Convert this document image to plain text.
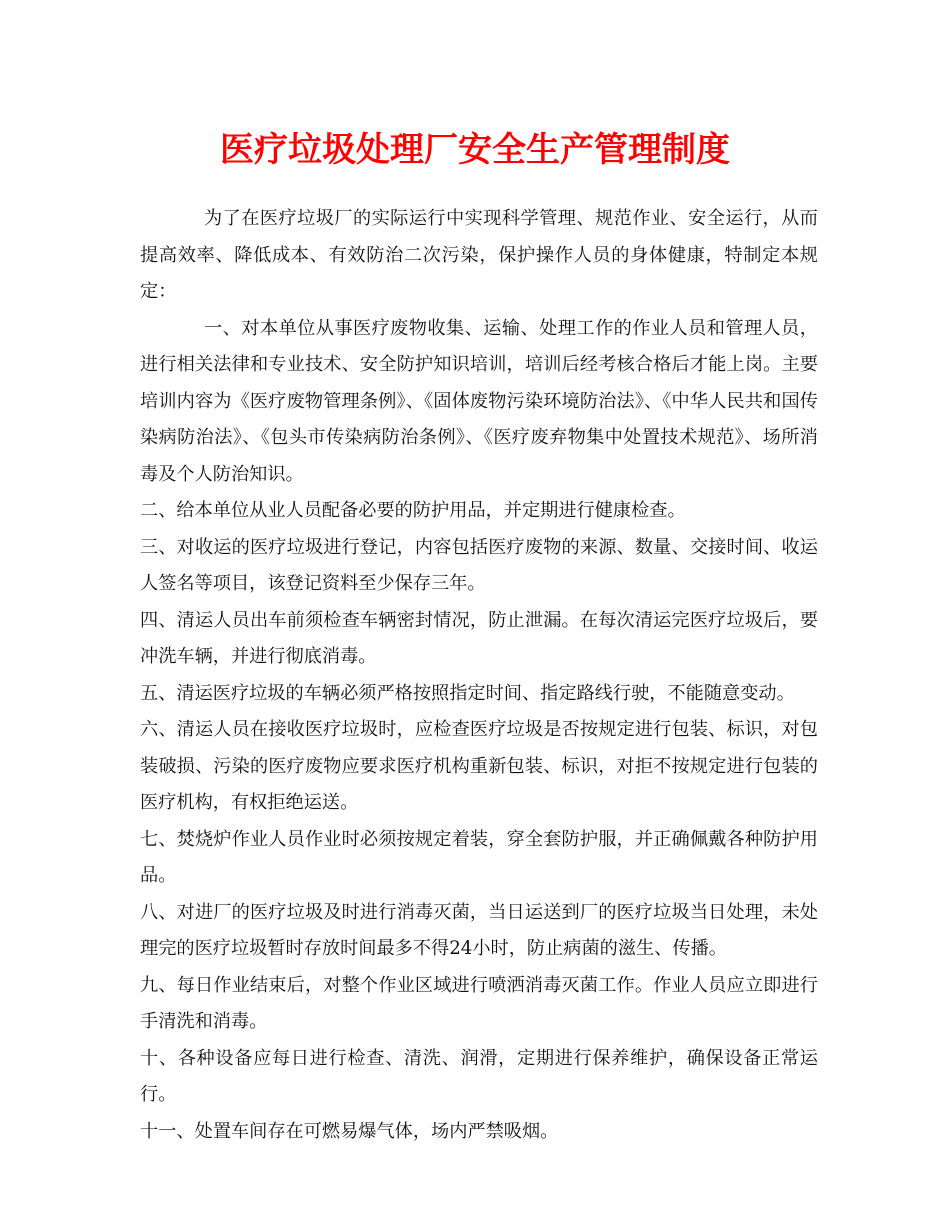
医疗垃圾处理厂安全生产管理制度

为了在医疗垃圾厂的实际运行中实现科学管理、规范作业、安全运行，从而提高效率、降低成本、有效防治二次污染，保护操作人员的身体健康，特制定本规定：

一、对本单位从事医疗废物收集、运输、处理工作的作业人员和管理人员，进行相关法律和专业技术、安全防护知识培训，培训后经考核合格后才能上岗。主要培训内容为《医疗废物管理条例》、《固体废物污染环境防治法》、《中华人民共和国传染病防治法》、《包头市传染病防治条例》、《医疗废弃物集中处置技术规范》、场所消毒及个人防治知识。

二、给本单位从业人员配备必要的防护用品，并定期进行健康检查。

三、对收运的医疗垃圾进行登记，内容包括医疗废物的来源、数量、交接时间、收运人签名等项目，该登记资料至少保存三年。

四、清运人员出车前须检查车辆密封情况，防止泄漏。在每次清运完医疗垃圾后，要冲洗车辆，并进行彻底消毒。

五、清运医疗垃圾的车辆必须严格按照指定时间、指定路线行驶，不能随意变动。

六、清运人员在接收医疗垃圾时，应检查医疗垃圾是否按规定进行包装、标识，对包装破损、污染的医疗废物应要求医疗机构重新包装、标识，对拒不按规定进行包装的医疗机构，有权拒绝运送。

七、焚烧炉作业人员作业时必须按规定着装，穿全套防护服，并正确佩戴各种防护用品。

八、对进厂的医疗垃圾及时进行消毒灭菌，当日运送到厂的医疗垃圾当日处理，未处理完的医疗垃圾暂时存放时间最多不得24小时，防止病菌的滋生、传播。

九、每日作业结束后，对整个作业区域进行喷洒消毒灭菌工作。作业人员应立即进行手清洗和消毒。

十、各种设备应每日进行检查、清洗、润滑，定期进行保养维护，确保设备正常运行。

十一、处置车间存在可燃易爆气体，场内严禁吸烟。
